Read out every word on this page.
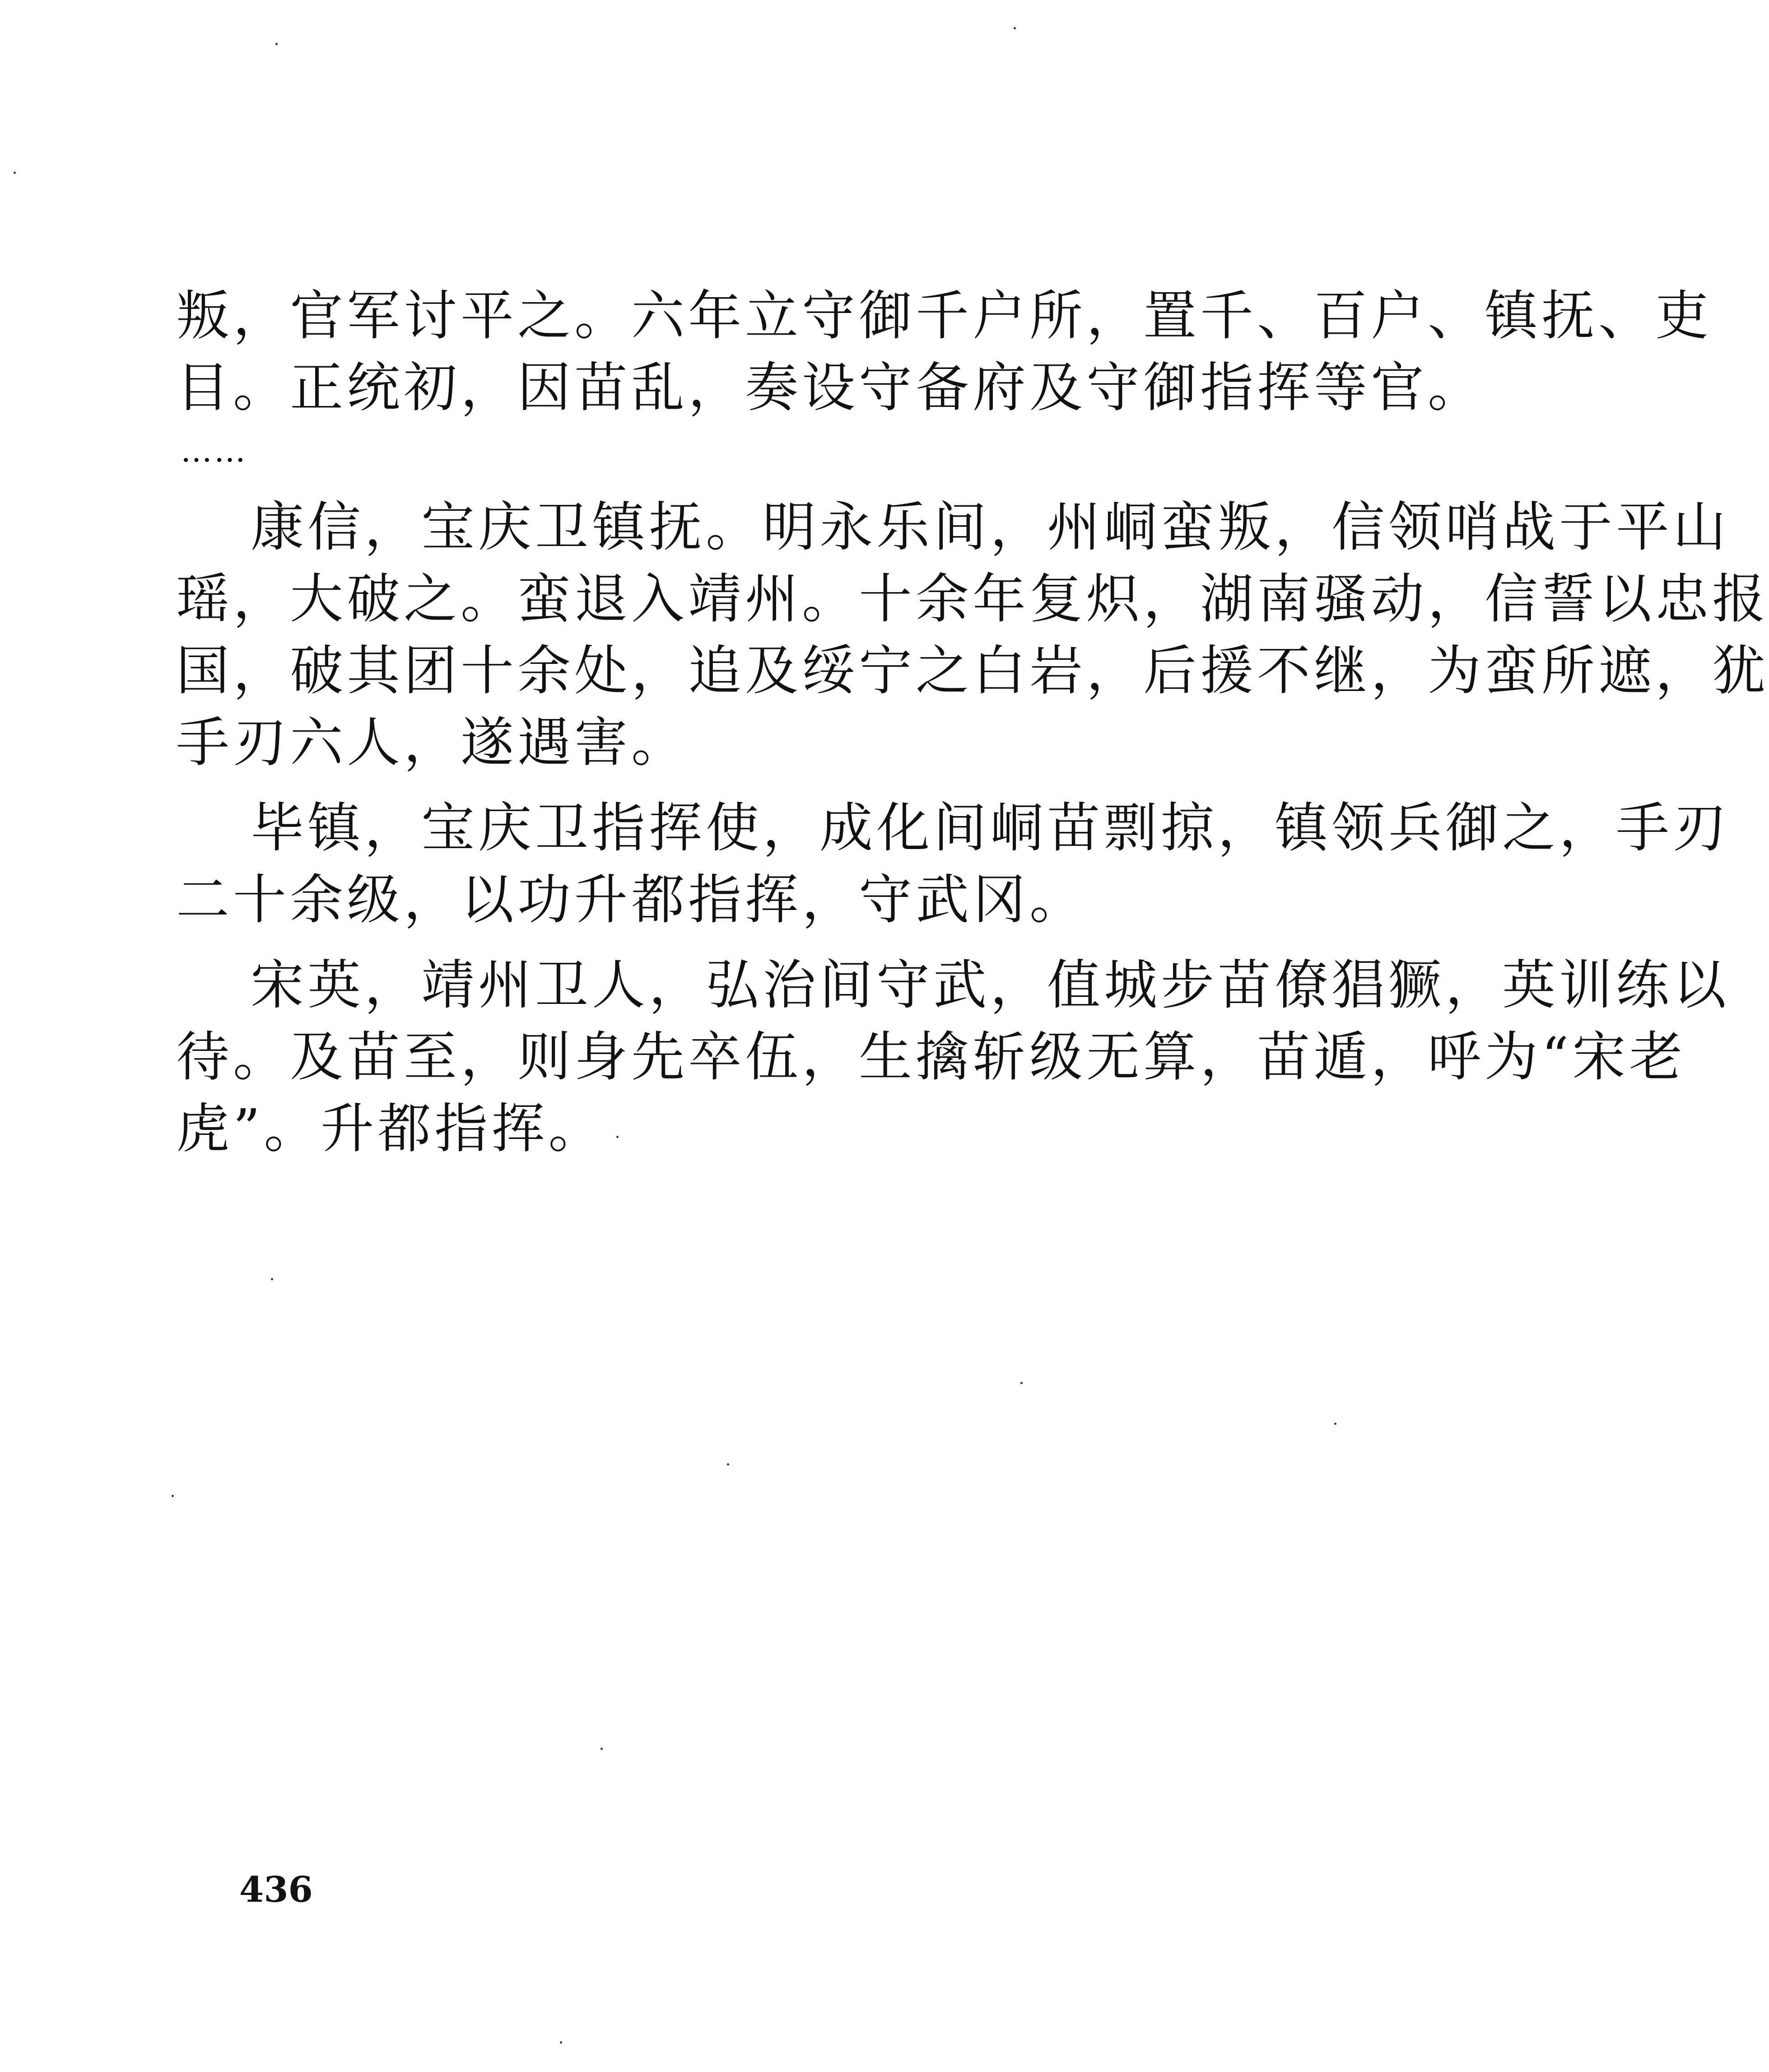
叛，官军讨平之。六年立守御千户所，置千、百户、镇抚、吏
目。正统初，因苗乱，奏设守备府及守御指挥等官。
……
康信，宝庆卫镇抚。明永乐间，州峒蛮叛，信领哨战于平山
瑶，大破之。蛮退入靖州。十余年复炽，湖南骚动，信誓以忠报
国，破其团十余处，追及绥宁之白岩，后援不继，为蛮所遮，犹
手刃六人，遂遇害。
毕镇，宝庆卫指挥使，成化间峒苗剽掠，镇领兵御之，手刃
二十余级，以功升都指挥，守武冈。
宋英，靖州卫人，弘治间守武，值城步苗僚猖獗，英训练以
待。及苗至，则身先卒伍，生擒斩级无算，苗遁，呼为“宋老
虎”。升都指挥。
436
